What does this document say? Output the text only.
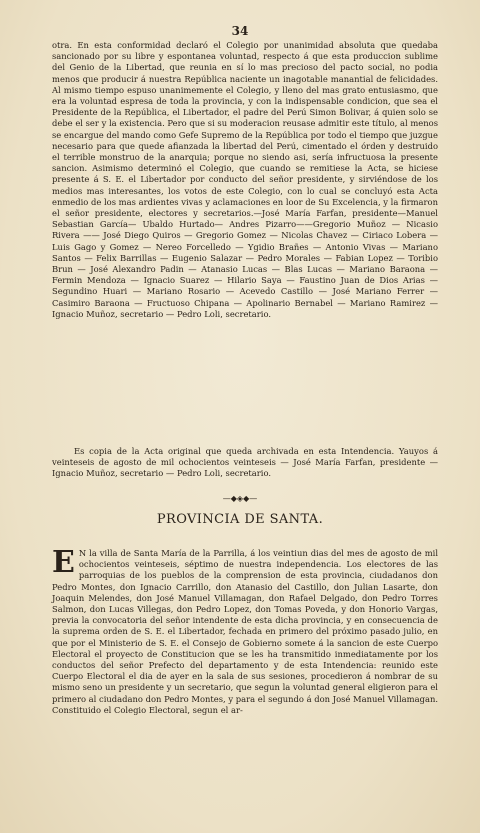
34

otra. En esta conformidad declaró el Colegio por unanimidad absoluta que quedaba sancionado por su libre y espontanea voluntad, respecto á que esta produccion sublime del Genio de la Libertad, que reunia en sí lo mas precioso del pacto social, no podia menos que producir á nuestra República naciente un inagotable manantial de felicidades. Al mismo tiempo espuso unanimemente el Colegio, y lleno del mas grato entusiasmo, que era la voluntad espresa de toda la provincia, y con la indispensable condicion, que sea el Presidente de la República, el Libertador, el padre del Perú Simon Bolivar, á quien solo se debe el ser y la existencia. Pero que si su moderacion reusase admitir este título, al menos se encargue del mando como Gefe Supremo de la República por todo el tiempo que juzgue necesario para que quede afianzada la libertad del Perú, cimentado el órden y destruido el terrible monstruo de la anarquia; porque no siendo asi, sería infructuosa la presente sancion. Asimismo determinó el Colegio, que cuando se remitiese la Acta, se hiciese presente á S. E. el Libertador por conducto del señor presidente, y sirviéndose de los medios mas interesantes, los votos de este Colegio, con lo cual se concluyó esta Acta enmedio de los mas ardientes vivas y aclamaciones en loor de Su Excelencia, y la firmaron el señor presidente, electores y secretarios.—José María Farfan, presidente—Manuel Sebastian García— Ubaldo Hurtado— Andres Pizarro——Gregorio Muñoz — Nicasio Rivera —— José Diego Quiros — Gregorio Gomez — Nicolas Chavez — Ciriaco Lobera — Luis Gago y Gomez — Nereo Forcelledo — Ygidio Brañes — Antonio Vivas — Mariano Santos — Felix Barrillas — Eugenio Salazar — Pedro Morales — Fabian Lopez — Toribio Brun — José Alexandro Padin — Atanasio Lucas — Blas Lucas — Mariano Baraona — Fermin Mendoza — Ignacio Suarez — Hilario Saya — Faustino Juan de Dios Arias — Segundino Huari — Mariano Rosario — Acevedo Castillo — José Mariano Ferrer — Casimiro Baraona — Fructuoso Chipana — Apolinario Bernabel — Mariano Ramirez — Ignacio Muñoz, secretario — Pedro Loli, secretario.

Es copia de la Acta original que queda archivada en esta Intendencia. Yauyos á veinteseis de agosto de mil ochocientos veinteseis — José María Farfan, presidente — Ignacio Muñoz, secretario — Pedro Loli, secretario.

—◆◈◆—
PROVINCIA DE SANTA.

E N la villa de Santa María de la Parrilla, á los veintiun dias del mes de agosto de mil ochocientos veinteseis, séptimo de nuestra independencia. Los electores de las parroquias de los pueblos de la comprension de esta provincia, ciudadanos don Pedro Montes, don Ignacio Carrillo, don Atanasio del Castillo, don Julian Lasarte, don Joaquin Melendes, don José Manuel Villamagan, don Rafael Delgado, don Pedro Torres Salmon, don Lucas Villegas, don Pedro Lopez, don Tomas Poveda, y don Honorio Vargas, previa la convocatoria del señor intendente de esta dicha provincia, y en consecuencia de la suprema orden de S. E. el Libertador, fechada en primero del próximo pasado julio, en que por el Ministerio de S. E. el Consejo de Gobierno somete á la sancion de este Cuerpo Electoral el proyecto de Constitucion que se les ha transmitido inmediatamente por los conductos del señor Prefecto del departamento y de esta Intendencia: reunido este Cuerpo Electoral el dia de ayer en la sala de sus sesiones, procedieron á nombrar de su mismo seno un presidente y un secretario, que segun la voluntad general eligieron para el primero al ciudadano don Pedro Montes, y para el segundo á don José Manuel Villamagan. Constituido el Colegio Electoral, segun el ar-
